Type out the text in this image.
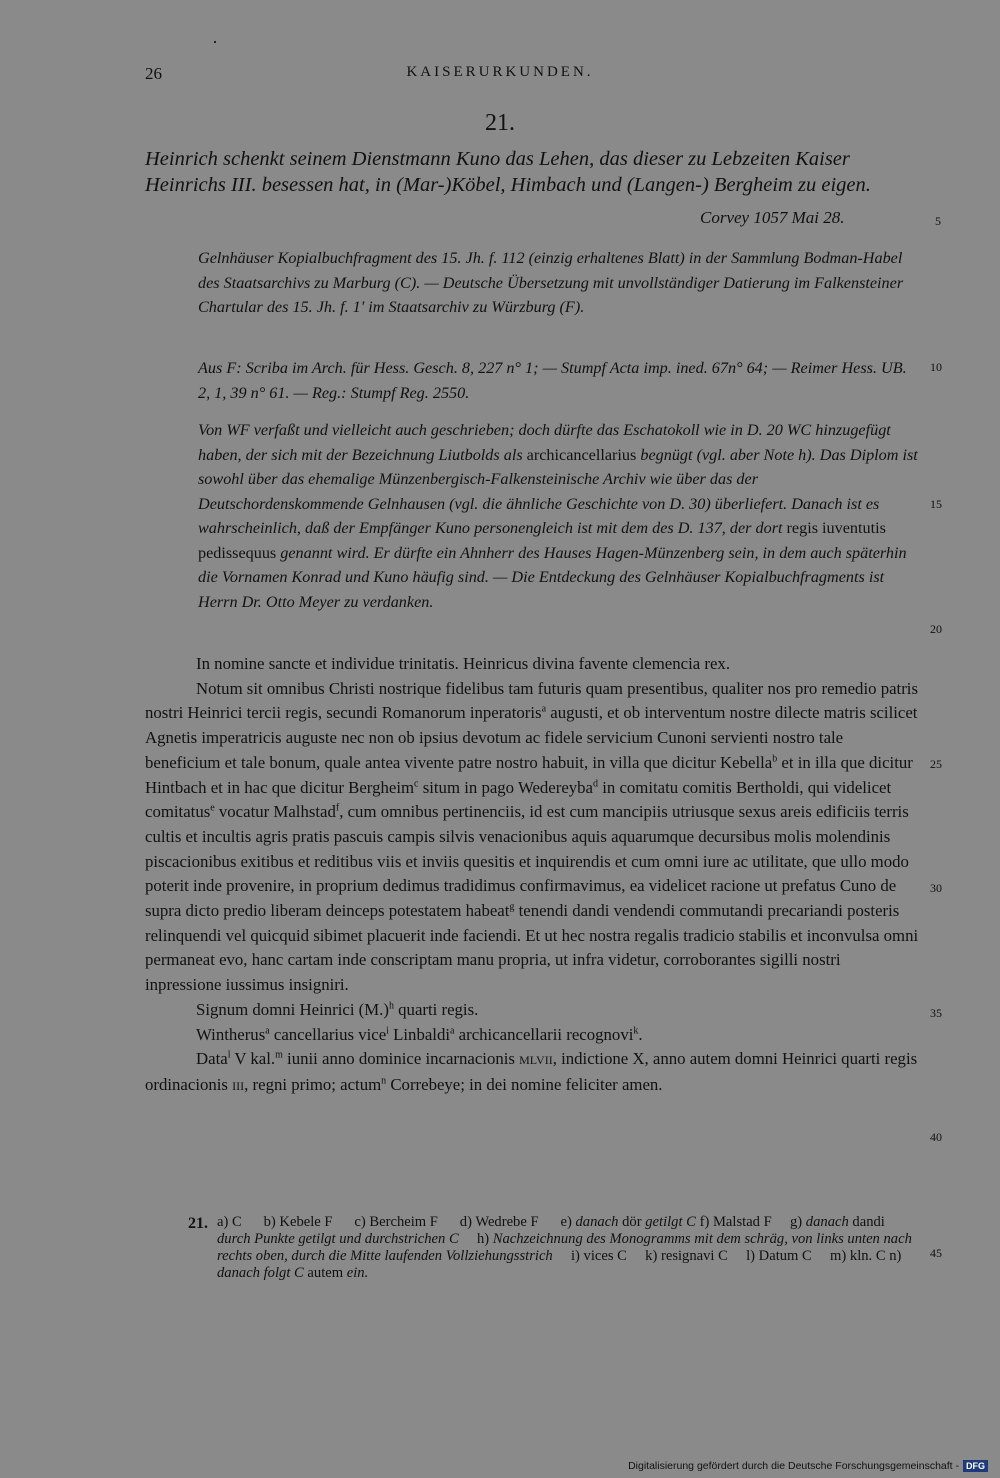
26	KAISERURKUNDEN.
21.
Heinrich schenkt seinem Dienstmann Kuno das Lehen, das dieser zu Lebzeiten Kaiser Heinrichs III. besessen hat, in (Mar-)Köbel, Himbach und (Langen-) Bergheim zu eigen.
Corvey 1057 Mai 28.
Gelnhäuser Kopialbuchfragment des 15. Jh. f. 112 (einzig erhaltenes Blatt) in der Sammlung Bodman-Habel des Staatsarchivs zu Marburg (C). — Deutsche Übersetzung mit unvollständiger Datierung im Falkensteiner Chartular des 15. Jh. f. 1' im Staatsarchiv zu Würzburg (F).
Aus F: Scriba im Arch. für Hess. Gesch. 8, 227 n° 1; — Stumpf Acta imp. ined. 67n° 64; — Reimer Hess. UB. 2, 1, 39 n° 61. — Reg.: Stumpf Reg. 2550.
Von WF verfaßt und vielleicht auch geschrieben; doch dürfte das Eschatokoll wie in D. 20 WC hinzugefügt haben, der sich mit der Bezeichnung Liutbolds als archicancellarius begnügt (vgl. aber Note h). Das Diplom ist sowohl über das ehemalige Münzenbergisch-Falkensteinische Archiv wie über das der Deutschordenskommende Gelnhausen (vgl. die ähnliche Geschichte von D. 30) überliefert. Danach ist es wahrscheinlich, daß der Empfänger Kuno personengleich ist mit dem des D. 137, der dort regis iuventutis pedissequus genannt wird. Er dürfte ein Ahnherr des Hauses Hagen-Münzenberg sein, in dem auch späterhin die Vornamen Konrad und Kuno häufig sind. — Die Entdeckung des Gelnhäuser Kopialbuchfragments ist Herrn Dr. Otto Meyer zu verdanken.

In nomine sancte et individue trinitatis. Heinricus divina favente clemencia rex.

Notum sit omnibus Christi nostrique fidelibus tam futuris quam presentibus, qualiter nos pro remedio patris nostri Heinrici tercii regis, secundi Romanorum inperatoris$^a$ augusti, et ob interventum nostre dilecte matris scilicet Agnetis imperatricis auguste nec non ob ipsius devotum ac fidele servicium Cunoni servienti nostro tale beneficium et tale bonum, quale antea vivente patre nostro habuit, in villa que dicitur Kebella$^b$ et in illa que dicitur Hintbach et in hac que dicitur Bergheim$^c$ situm in pago Wedereyba$^d$ in comitatu comitis Bertholdi, qui videlicet comitatus$^e$ vocatur Malhstad$^f$, cum omnibus pertinenciis, id est cum mancipiis utriusque sexus areis edificiis terris cultis et incultis agris pratis pascuis campis silvis venacionibus aquis aquarumque decursibus molis molendinis piscacionibus exitibus et reditibus viis et inviis quesitis et inquirendis et cum omni iure ac utilitate, que ullo modo poterit inde provenire, in proprium dedimus tradidimus confirmavimus, ea videlicet racione ut prefatus Cuno de supra dicto predio liberam deinceps potestatem habeat$^g$ tenendi dandi vendendi commutandi precariandi posteris relinquendi vel quicquid sibimet placuerit inde faciendi. Et ut hec nostra regalis tradicio stabilis et inconvulsa omni permaneat evo, hanc cartam inde conscriptam manu propria, ut infra videtur, corroborantes sigilli nostri inpressione iussimus insigniri.

Signum domni Heinrici $(M.)^h$ quarti regis.

Wintherus$^a$ cancellarius vice$^i$ Linbaldi$^a$ archicancellarii recognovi$^k$.

Data$^l$ V kal.$^m$ iunii anno dominice incarnacionis MLVII, indictione X, anno autem domni Heinrici quarti regis ordinacionis III, regni primo; actum$^n$ Correbeye; in dei nomine feliciter amen.

5
10
15
20
25
30
35
40
45
21. a) C b) Kebele F c) Bercheim F d) Wedrebe F e) danach dör getilgt C f) Malstad F g) danach dandi durch Punkte getilgt und durchstrichen C h) Nachzeichnung des Monogramms mit dem schräg, von links unten nach rechts oben, durch die Mitte laufenden Vollziehungsstrich i) vices C k) resignavi C l) Datum C m) kln. C n) danach folgt C autem ein.
Digitalisierung gefördert durch die Deutsche Forschungsgemeinschaft - DFG
